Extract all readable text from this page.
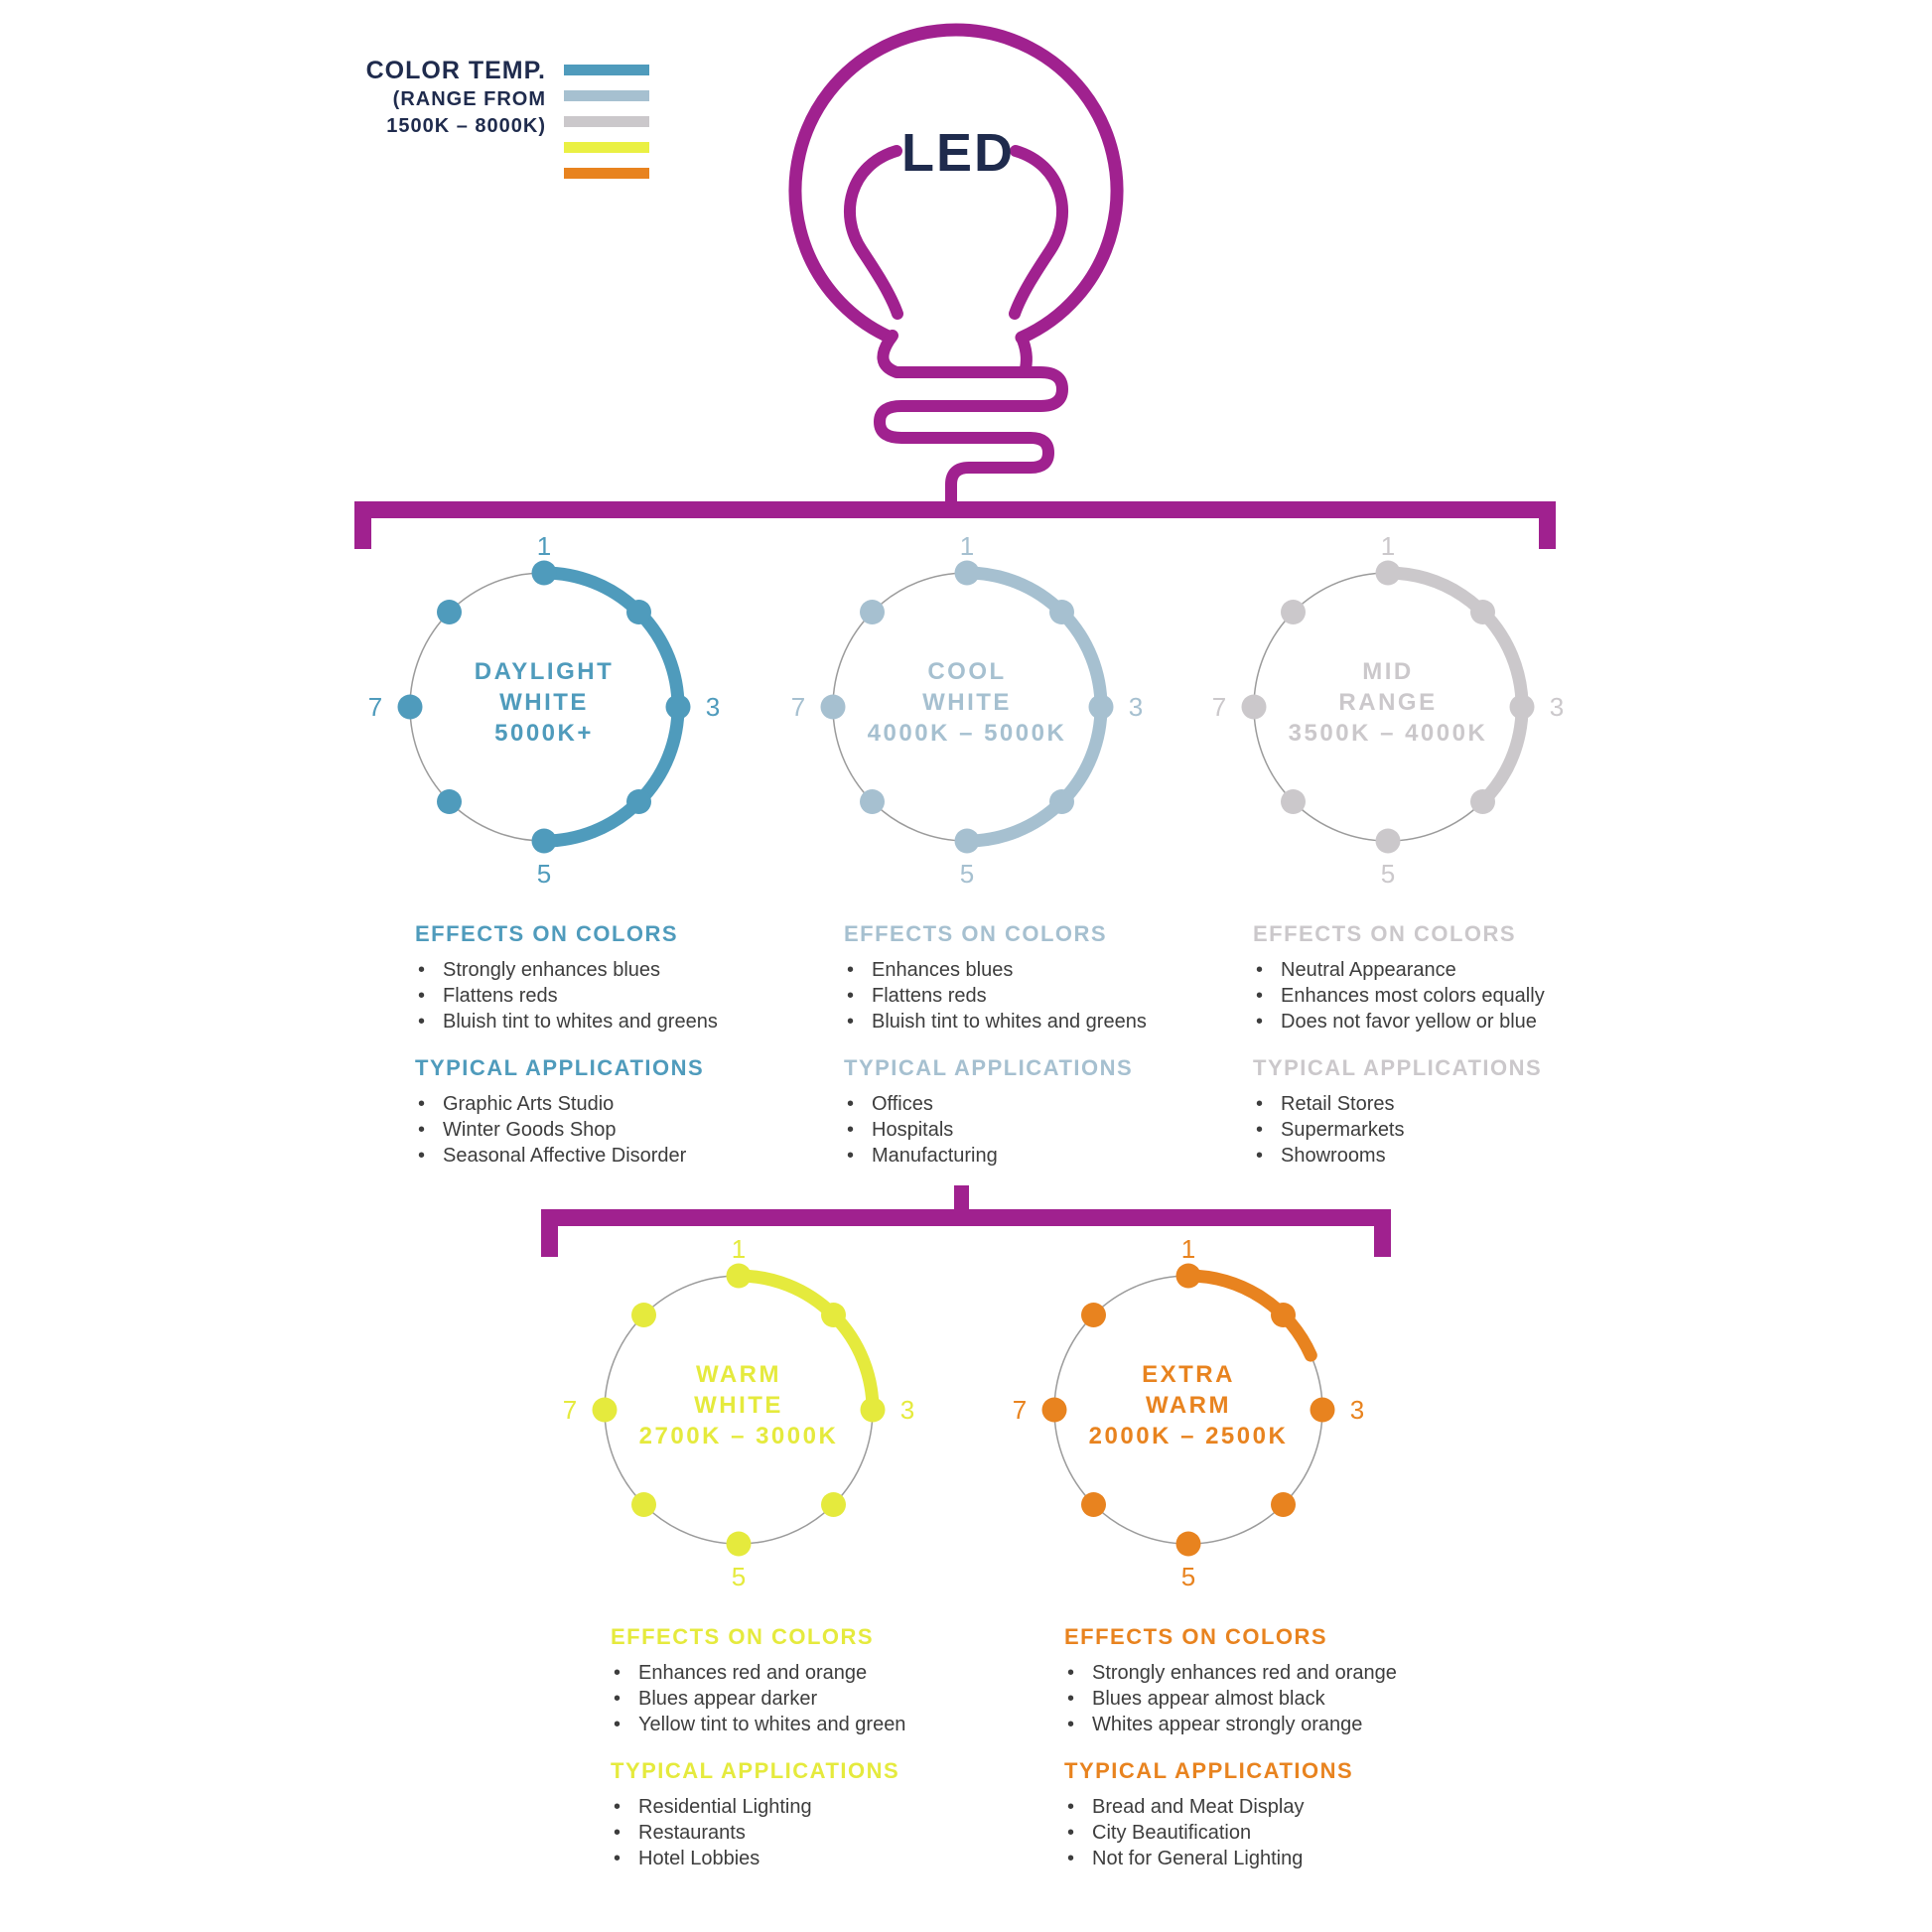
COLOR TEMP.
(RANGE FROM
1500K – 8000K)	LED
1
3
5
7
DAYLIGHT
WHITE
5000K+
1
3
5
7
COOL
WHITE
4000K – 5000K
1
3
5
7
MID
RANGE
3500K – 4000K
1
3
5
7
WARM
WHITE
2700K – 3000K
1
3
5
7
EXTRA
WARM
2000K – 2500K
EFFECTS ON COLORS
• Strongly enhances blues
• Flattens reds
• Bluish tint to whites and greens
TYPICAL APPLICATIONS
• Graphic Arts Studio
• Winter Goods Shop
• Seasonal Affective Disorder
EFFECTS ON COLORS
• Enhances blues
• Flattens reds
• Bluish tint to whites and greens
TYPICAL APPLICATIONS
• Offices
• Hospitals
• Manufacturing
EFFECTS ON COLORS
• Neutral Appearance
• Enhances most colors equally
• Does not favor yellow or blue
TYPICAL APPLICATIONS
• Retail Stores
• Supermarkets
• Showrooms
EFFECTS ON COLORS
• Enhances red and orange
• Blues appear darker
• Yellow tint to whites and green
TYPICAL APPLICATIONS
• Residential Lighting
• Restaurants
• Hotel Lobbies
EFFECTS ON COLORS
• Strongly enhances red and orange
• Blues appear almost black
• Whites appear strongly orange
TYPICAL APPLICATIONS
• Bread and Meat Display
• City Beautification
• Not for General Lighting
